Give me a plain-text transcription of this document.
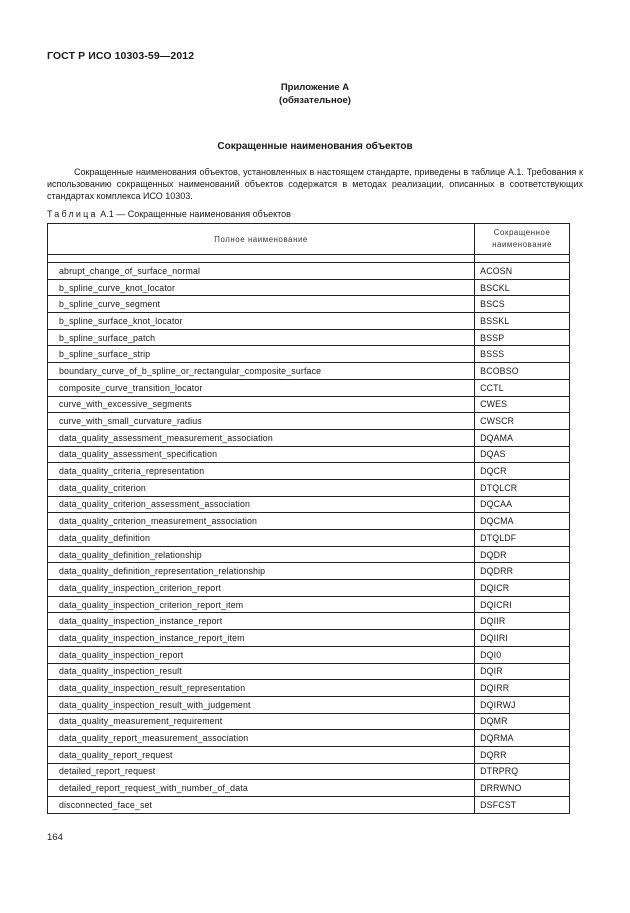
ГОСТ Р ИСО 10303-59—2012
Приложение А
(обязательное)
Сокращенные наименования объектов

Сокращенные наименования объектов, установленных в настоящем стандарте, приведены в таблице А.1. Требования к использованию сокращенных наименований объектов содержатся в методах реализации, описанных в соответствующих стандартах комплекса ИСО 10303.

Таблица А.1 — Сокращенные наименования объектов
Полное наименование	Сокращенное
наименование

abrupt_change_of_surface_normal	ACOSN
b_spline_curve_knot_locator	BSCKL
b_spline_curve_segment	BSCS
b_spline_surface_knot_locator	BSSKL
b_spline_surface_patch	BSSP
b_spline_surface_strip	BSSS
boundary_curve_of_b_spline_or_rectangular_composite_surface	BCOBSO
composite_curve_transition_locator	CCTL
curve_with_excessive_segments	CWES
curve_with_small_curvature_radius	CWSCR
data_quality_assessment_measurement_association	DQAMA
data_quality_assessment_specification	DQAS
data_quality_criteria_representation	DQCR
data_quality_criterion	DTQLCR
data_quality_criterion_assessment_association	DQCAA
data_quality_criterion_measurement_association	DQCMA
data_quality_definition	DTQLDF
data_quality_definition_relationship	DQDR
data_quality_definition_representation_relationship	DQDRR
data_quality_inspection_criterion_report	DQICR
data_quality_inspection_criterion_report_item	DQICRI
data_quality_inspection_instance_report	DQIIR
data_quality_inspection_instance_report_item	DQIIRI
data_quality_inspection_report	DQI0
data_quality_inspection_result	DQIR
data_quality_inspection_result_representation	DQIRR
data_quality_inspection_result_with_judgement	DQIRWJ
data_quality_measurement_requirement	DQMR
data_quality_report_measurement_association	DQRMA
data_quality_report_request	DQRR
detailed_report_request	DTRPRQ
detailed_report_request_with_number_of_data	DRRWNO
disconnected_face_set	DSFCST
164
